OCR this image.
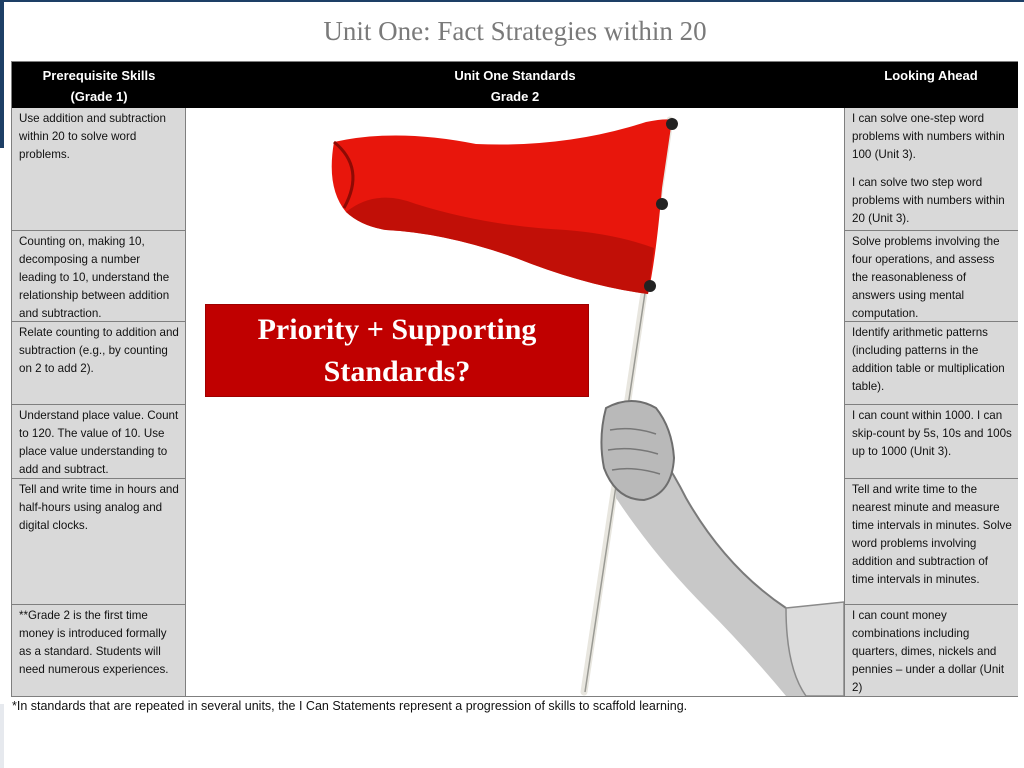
Unit One: Fact Strategies within 20
Prerequisite Skills
(Grade 1)
Unit One Standards
Grade 2
Looking Ahead
Use addition and subtraction within 20 to solve word problems.
Counting on, making 10, decomposing a number leading to 10, understand the relationship between addition and subtraction.
Relate counting to addition and subtraction (e.g., by counting on 2 to add 2).
Understand place value. Count to 120. The value of 10. Use place value understanding to add and subtract.
Tell and write time in hours and half-hours using analog and digital clocks.
**Grade 2 is the first time money is introduced formally as a standard. Students will need numerous experiences.

I can solve one-step word problems with numbers within 100 (Unit 3).

I can solve two step word problems with numbers within 20 (Unit 3).

Solve problems involving the four operations, and assess the reasonableness of answers using mental computation.
Identify arithmetic patterns (including patterns in the addition table or multiplication table).
I can count within 1000. I can skip-count by 5s, 10s and 100s up to 1000 (Unit 3).
Tell and write time to the nearest minute and measure time intervals in minutes. Solve word problems involving addition and subtraction of time intervals in minutes.
I can count money combinations including quarters, dimes, nickels and pennies – under a dollar (Unit 2)
Priority + Supporting
Standards?
*In standards that are repeated in several units, the I Can Statements represent a progression of skills to scaffold learning.
